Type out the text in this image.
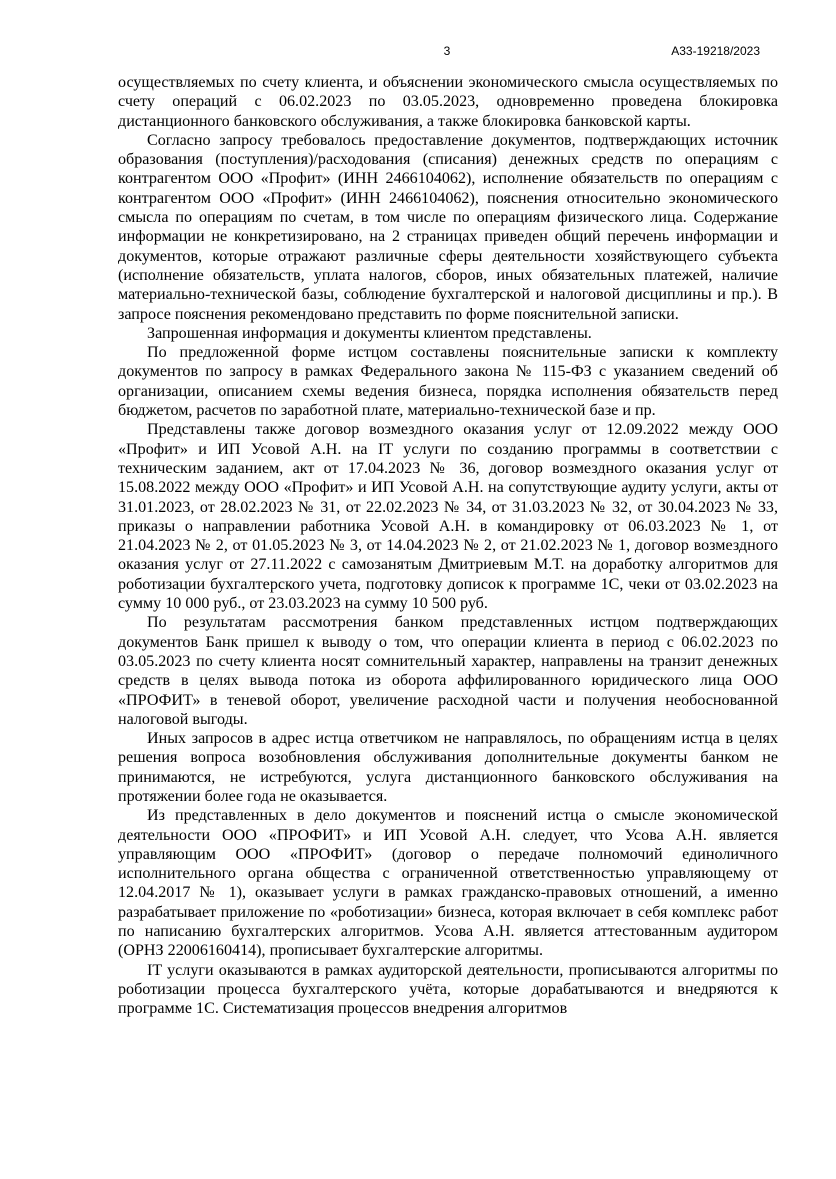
3	А33-19218/2023

осуществляемых по счету клиента, и объяснении экономического смысла осуществляемых по счету операций с 06.02.2023 по 03.05.2023, одновременно проведена блокировка дистанционного банковского обслуживания, а также блокировка банковской карты.

Согласно запросу требовалось предоставление документов, подтверждающих источник образования (поступления)/расходования (списания) денежных средств по операциям с контрагентом ООО «Профит» (ИНН 2466104062), исполнение обязательств по операциям с контрагентом ООО «Профит» (ИНН 2466104062), пояснения относительно экономического смысла по операциям по счетам, в том числе по операциям физического лица. Содержание информации не конкретизировано, на 2 страницах приведен общий перечень информации и документов, которые отражают различные сферы деятельности хозяйствующего субъекта (исполнение обязательств, уплата налогов, сборов, иных обязательных платежей, наличие материально-технической базы, соблюдение бухгалтерской и налоговой дисциплины и пр.). В запросе пояснения рекомендовано представить по форме пояснительной записки.

Запрошенная информация и документы клиентом представлены.

По предложенной форме истцом составлены пояснительные записки к комплекту документов по запросу в рамках Федерального закона № 115-ФЗ с указанием сведений об организации, описанием схемы ведения бизнеса, порядка исполнения обязательств перед бюджетом, расчетов по заработной плате, материально-технической базе и пр.

Представлены также договор возмездного оказания услуг от 12.09.2022 между ООО «Профит» и ИП Усовой А.Н. на IT услуги по созданию программы в соответствии с техническим заданием, акт от 17.04.2023 № 36, договор возмездного оказания услуг от 15.08.2022 между ООО «Профит» и ИП Усовой А.Н. на сопутствующие аудиту услуги, акты от 31.01.2023, от 28.02.2023 № 31, от 22.02.2023 № 34, от 31.03.2023 № 32, от 30.04.2023 № 33, приказы о направлении работника Усовой А.Н. в командировку от 06.03.2023 № 1, от 21.04.2023 № 2, от 01.05.2023 № 3, от 14.04.2023 № 2, от 21.02.2023 № 1, договор возмездного оказания услуг от 27.11.2022 с самозанятым Дмитриевым М.Т. на доработку алгоритмов для роботизации бухгалтерского учета, подготовку дописок к программе 1С, чеки от 03.02.2023 на сумму 10 000 руб., от 23.03.2023 на сумму 10 500 руб.

По результатам рассмотрения банком представленных истцом подтверждающих документов Банк пришел к выводу о том, что операции клиента в период с 06.02.2023 по 03.05.2023 по счету клиента носят сомнительный характер, направлены на транзит денежных средств в целях вывода потока из оборота аффилированного юридического лица ООО «ПРОФИТ» в теневой оборот, увеличение расходной части и получения необоснованной налоговой выгоды.

Иных запросов в адрес истца ответчиком не направлялось, по обращениям истца в целях решения вопроса возобновления обслуживания дополнительные документы банком не принимаются, не истребуются, услуга дистанционного банковского обслуживания на протяжении более года не оказывается.

Из представленных в дело документов и пояснений истца о смысле экономической деятельности ООО «ПРОФИТ» и ИП Усовой А.Н. следует, что Усова А.Н. является управляющим ООО «ПРОФИТ» (договор о передаче полномочий единоличного исполнительного органа общества с ограниченной ответственностью управляющему от 12.04.2017 № 1), оказывает услуги в рамках гражданско-правовых отношений, а именно разрабатывает приложение по «роботизации» бизнеса, которая включает в себя комплекс работ по написанию бухгалтерских алгоритмов. Усова А.Н. является аттестованным аудитором (ОРНЗ 22006160414), прописывает бухгалтерские алгоритмы.

IT услуги оказываются в рамках аудиторской деятельности, прописываются алгоритмы по роботизации процесса бухгалтерского учёта, которые дорабатываются и внедряются к программе 1С. Систематизация процессов внедрения алгоритмов
